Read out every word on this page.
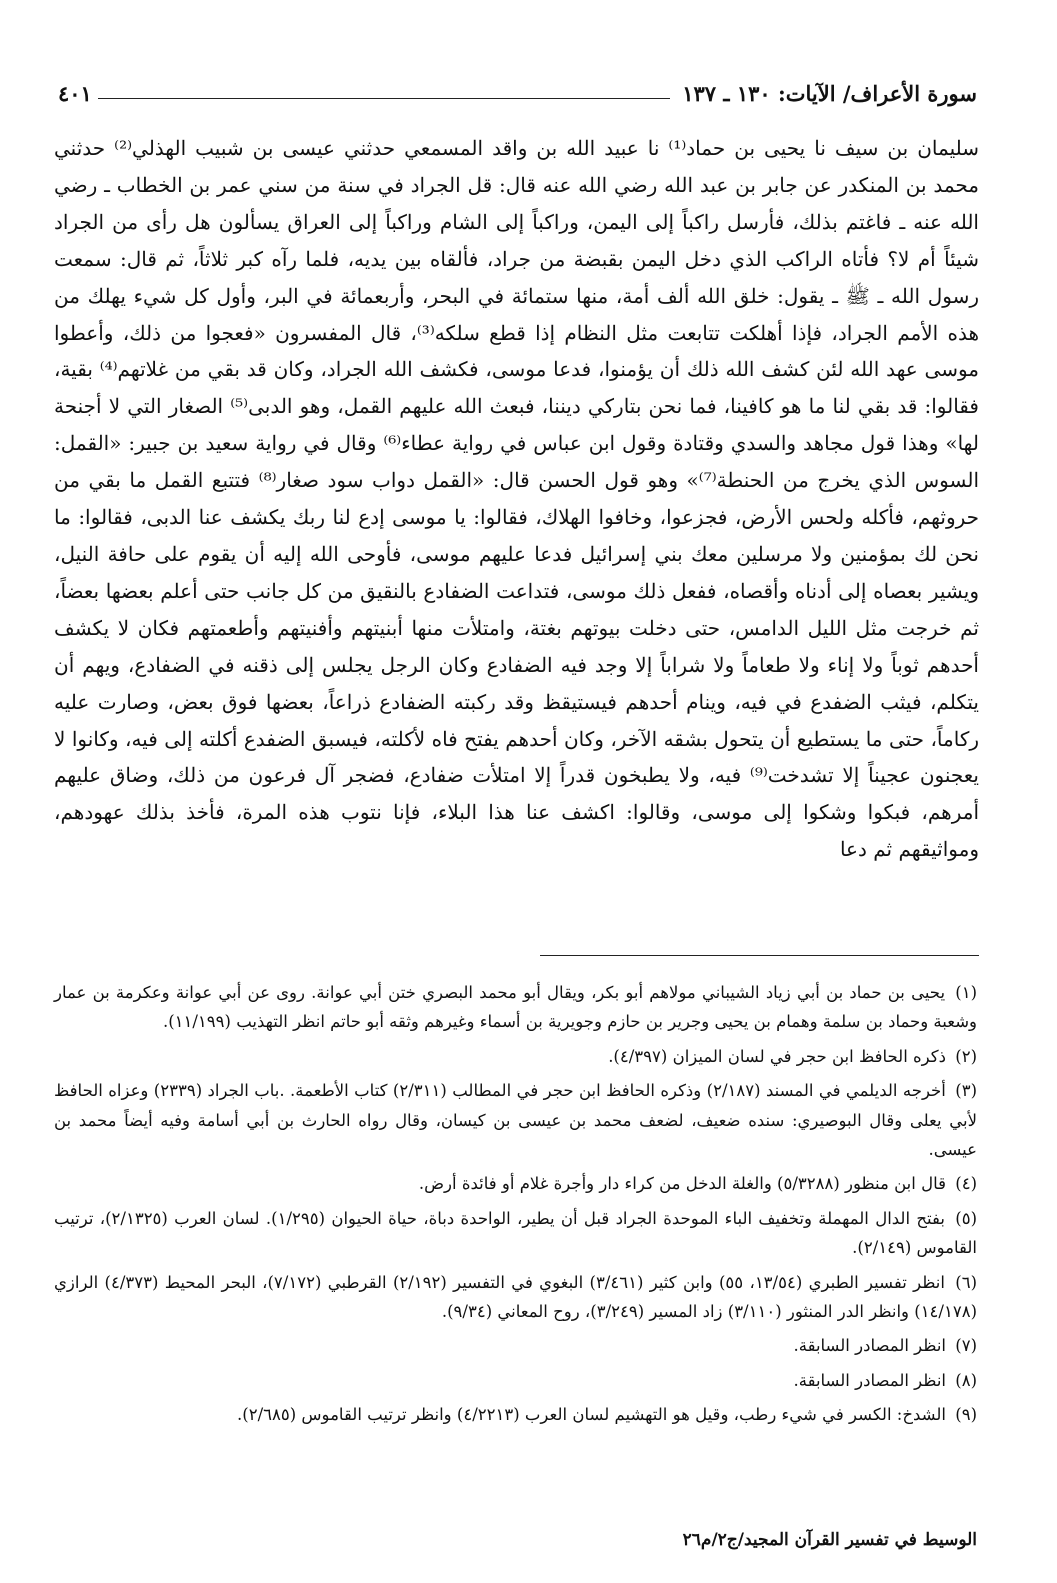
سورة الأعراف/ الآيات: ١٣٠ ـ ١٣٧
٤٠١

سليمان بن سيف نا يحيى بن حماد⁽¹⁾ نا عبيد الله بن واقد المسمعي حدثني عيسى بن شبيب الهذلي⁽²⁾ حدثني محمد بن المنكدر عن جابر بن عبد الله رضي الله عنه قال: قل الجراد في سنة من سني عمر بن الخطاب ـ رضي الله عنه ـ فاغتم بذلك، فأرسل راكباً إلى اليمن، وراكباً إلى الشام وراكباً إلى العراق يسألون هل رأى من الجراد شيئاً أم لا؟ فأتاه الراكب الذي دخل اليمن بقبضة من جراد، فألقاه بين يديه، فلما رآه كبر ثلاثاً، ثم قال: سمعت رسول الله ـ ﷺ ـ يقول: خلق الله ألف أمة، منها ستمائة في البحر، وأربعمائة في البر، وأول كل شيء يهلك من هذه الأمم الجراد، فإذا أهلكت تتابعت مثل النظام إذا قطع سلكه⁽³⁾، قال المفسرون «فعجوا من ذلك، وأعطوا موسى عهد الله لئن كشف الله ذلك أن يؤمنوا، فدعا موسى، فكشف الله الجراد، وكان قد بقي من غلاتهم⁽⁴⁾ بقية، فقالوا: قد بقي لنا ما هو كافينا، فما نحن بتاركي ديننا، فبعث الله عليهم القمل، وهو الدبى⁽⁵⁾ الصغار التي لا أجنحة لها» وهذا قول مجاهد والسدي وقتادة وقول ابن عباس في رواية عطاء⁽⁶⁾ وقال في رواية سعيد بن جبير: «القمل: السوس الذي يخرج من الحنطة⁽⁷⁾» وهو قول الحسن قال: «القمل دواب سود صغار⁽⁸⁾ فتتبع القمل ما بقي من حروثهم، فأكله ولحس الأرض، فجزعوا، وخافوا الهلاك، فقالوا: يا موسى إدع لنا ربك يكشف عنا الدبى، فقالوا: ما نحن لك بمؤمنين ولا مرسلين معك بني إسرائيل فدعا عليهم موسى، فأوحى الله إليه أن يقوم على حافة النيل، ويشير بعصاه إلى أدناه وأقصاه، ففعل ذلك موسى، فتداعت الضفادع بالنقيق من كل جانب حتى أعلم بعضها بعضاً، ثم خرجت مثل الليل الدامس، حتى دخلت بيوتهم بغتة، وامتلأت منها أبنيتهم وأفنيتهم وأطعمتهم فكان لا يكشف أحدهم ثوباً ولا إناء ولا طعاماً ولا شراباً إلا وجد فيه الضفادع وكان الرجل يجلس إلى ذقنه في الضفادع، ويهم أن يتكلم، فيثب الضفدع في فيه، وينام أحدهم فيستيقظ وقد ركبته الضفادع ذراعاً، بعضها فوق بعض، وصارت عليه ركاماً، حتى ما يستطيع أن يتحول بشقه الآخر، وكان أحدهم يفتح فاه لأكلته، فيسبق الضفدع أكلته إلى فيه، وكانوا لا يعجنون عجيناً إلا تشدخت⁽⁹⁾ فيه، ولا يطبخون قدراً إلا امتلأت ضفادع، فضجر آل فرعون من ذلك، وضاق عليهم أمرهم، فبكوا وشكوا إلى موسى، وقالوا: اكشف عنا هذا البلاء، فإنا نتوب هذه المرة، فأخذ بذلك عهودهم، ومواثيقهم ثم دعا

(١) يحيى بن حماد بن أبي زياد الشيباني مولاهم أبو بكر، ويقال أبو محمد البصري ختن أبي عوانة. روى عن أبي عوانة وعكرمة بن عمار وشعبة وحماد بن سلمة وهمام بن يحيى وجرير بن حازم وجويرية بن أسماء وغيرهم وثقه أبو حاتم انظر التهذيب (١١/١٩٩).

(٢) ذكره الحافظ ابن حجر في لسان الميزان (٤/٣٩٧).

(٣) أخرجه الديلمي في المسند (٢/١٨٧) وذكره الحافظ ابن حجر في المطالب (٢/٣١١) كتاب الأطعمة. .باب الجراد (٢٣٣٩) وعزاه الحافظ لأبي يعلى وقال البوصيري: سنده ضعيف، لضعف محمد بن عيسى بن كيسان، وقال رواه الحارث بن أبي أسامة وفيه أيضاً محمد بن عيسى.

(٤) قال ابن منظور (٥/٣٢٨٨) والغلة الدخل من كراء دار وأجرة غلام أو فائدة أرض.

(٥) بفتح الدال المهملة وتخفيف الباء الموحدة الجراد قبل أن يطير، الواحدة دباة، حياة الحيوان (١/٢٩٥). لسان العرب (٢/١٣٢٥)، ترتيب القاموس (٢/١٤٩).

(٦) انظر تفسير الطبري (١٣/٥٤، ٥٥) وابن كثير (٣/٤٦١) البغوي في التفسير (٢/١٩٢) القرطبي (٧/١٧٢)، البحر المحيط (٤/٣٧٣) الرازي (١٤/١٧٨) وانظر الدر المنثور (٣/١١٠) زاد المسير (٣/٢٤٩)، روح المعاني (٩/٣٤).

(٧) انظر المصادر السابقة.

(٨) انظر المصادر السابقة.

(٩) الشدخ: الكسر في شيء رطب، وقيل هو التهشيم لسان العرب (٤/٢٢١٣) وانظر ترتيب القاموس (٢/٦٨٥).

الوسيط في تفسير القرآن المجيد/ج٢/م٢٦
